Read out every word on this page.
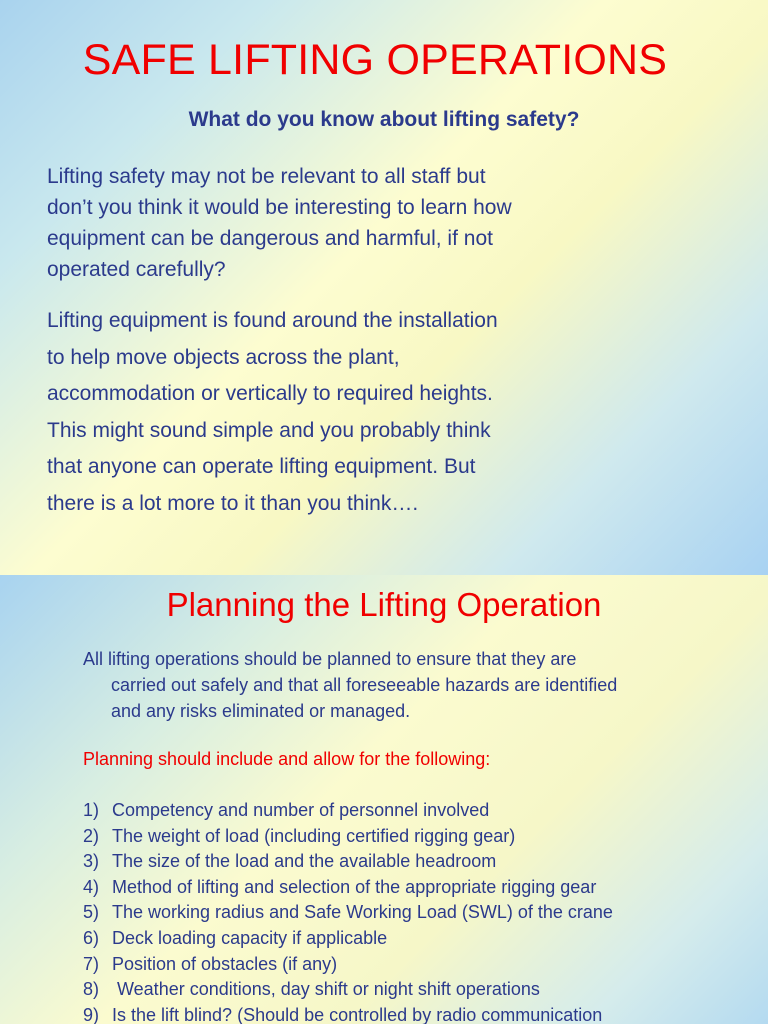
SAFE LIFTING OPERATIONS
What do you know about lifting safety?
Lifting safety may not be relevant to all staff but
don’t you think it would be interesting to learn how
equipment can be dangerous and harmful, if not
operated carefully?
Lifting equipment is found around the installation
to help move objects across the plant,
accommodation or vertically to required heights.
This might sound simple and you probably think
that anyone can operate lifting equipment. But
there is a lot more to it than you think….
Planning the Lifting Operation
All lifting operations should be planned to ensure that they are
carried out safely and that all foreseeable hazards are identified
and any risks eliminated or managed.
Planning should include and allow for the following:
1) Competency and number of personnel involved
2) The weight of load (including certified rigging gear)
3) The size of the load and the available headroom
4) Method of lifting and selection of the appropriate rigging gear
5) The working radius and Safe Working Load (SWL) of the crane
6) Deck loading capacity if applicable
7) Position of obstacles (if any)
8) Weather conditions, day shift or night shift operations
9) Is the lift blind? (Should be controlled by radio communication
